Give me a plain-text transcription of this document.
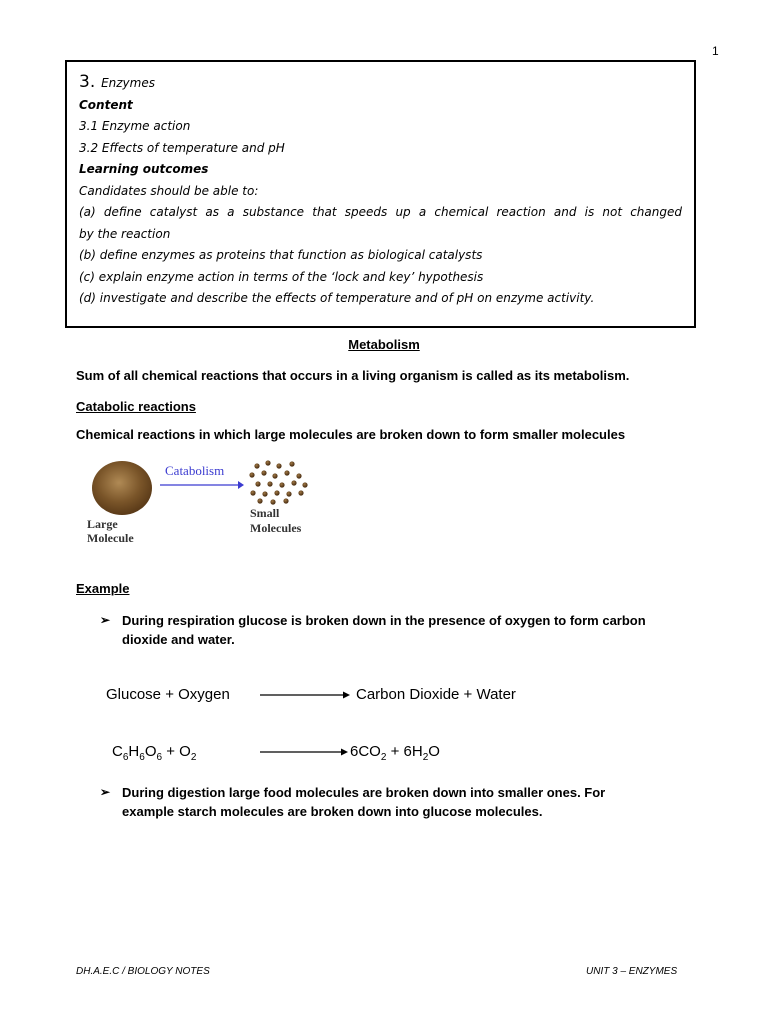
1
3. Enzymes
Content
3.1 Enzyme action
3.2 Effects of temperature and pH
Learning outcomes
Candidates should be able to:
(a) define catalyst as a substance that speeds up a chemical reaction and is not changed
by the reaction
(b) define enzymes as proteins that function as biological catalysts
(c) explain enzyme action in terms of the ‘lock and key’ hypothesis
(d) investigate and describe the effects of temperature and of pH on enzyme activity.
Metabolism
Sum of all chemical reactions that occurs in a living organism is called as its metabolism.
Catabolic reactions
Chemical reactions in which large molecules are broken down to form smaller molecules
Catabolism
Large
Molecule
Small
Molecules
Example
➢ During respiration glucose is broken down in the presence of oxygen to form carbon
dioxide and water.
Glucose + Oxygen	Carbon Dioxide + Water
$C_6H_6O_6 + O_2$	$6CO_2 + 6H_2O$
➢ During digestion large food molecules are broken down into smaller ones. For
example starch molecules are broken down into glucose molecules.
DH.A.E.C / BIOLOGY NOTES	UNIT 3 – ENZYMES
